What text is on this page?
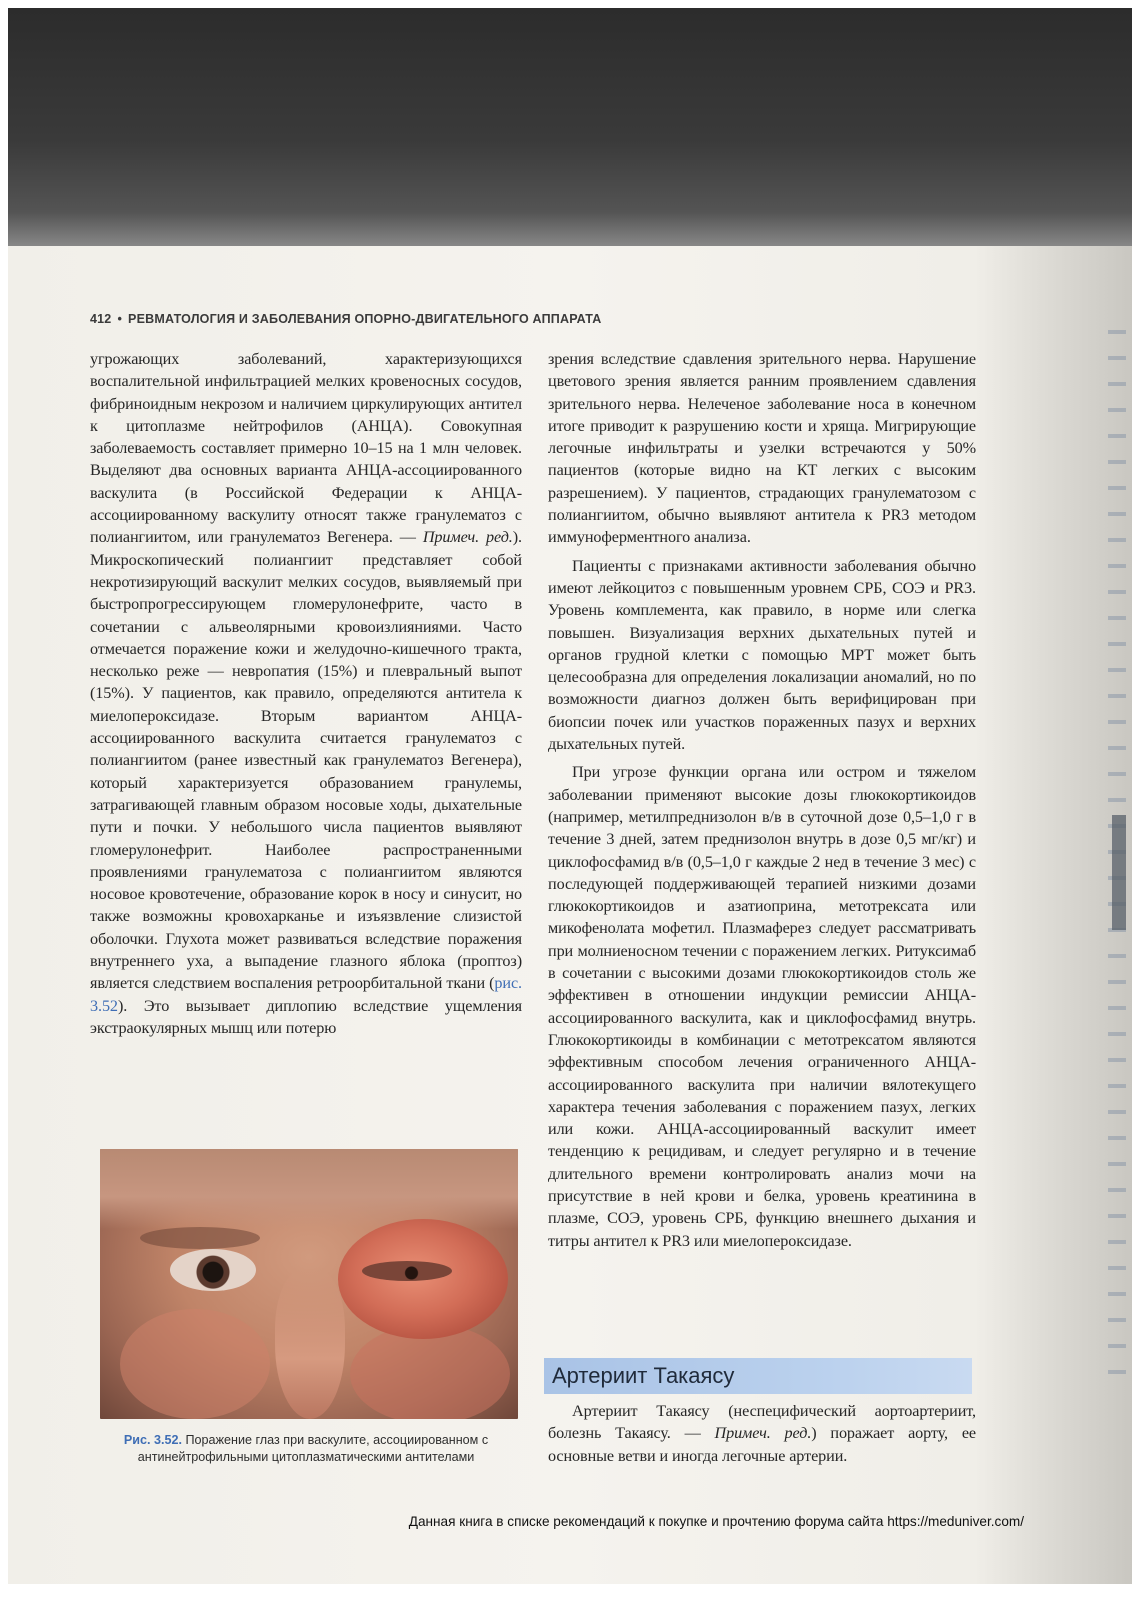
412 • РЕВМАТОЛОГИЯ И ЗАБОЛЕВАНИЯ ОПОРНО-ДВИГАТЕЛЬНОГО АППАРАТА

угрожающих заболеваний, характеризующихся воспалительной инфильтрацией мелких кровеносных сосудов, фибриноидным некрозом и наличием циркулирующих антител к цитоплазме нейтрофилов (АНЦА). Совокупная заболеваемость составляет примерно 10–15 на 1 млн человек. Выделяют два основных варианта АНЦА-ассоциированного васкулита (в Российской Федерации к АНЦА-ассоциированному васкулиту относят также гранулематоз с полиангиитом, или гранулематоз Вегенера. — Примеч. ред.). Микроскопический полиангиит представляет собой некротизирующий васкулит мелких сосудов, выявляемый при быстропрогрессирующем гломерулонефрите, часто в сочетании с альвеолярными кровоизлияниями. Часто отмечается поражение кожи и желудочно-кишечного тракта, несколько реже — невропатия (15%) и плевральный выпот (15%). У пациентов, как правило, определяются антитела к миелопероксидазе. Вторым вариантом АНЦА-ассоциированного васкулита считается гранулематоз с полиангиитом (ранее известный как гранулематоз Вегенера), который характеризуется образованием гранулемы, затрагивающей главным образом носовые ходы, дыхательные пути и почки. У небольшого числа пациентов выявляют гломерулонефрит. Наиболее распространенными проявлениями гранулематоза с полиангиитом являются носовое кровотечение, образование корок в носу и синусит, но также возможны кровохарканье и изъязвление слизистой оболочки. Глухота может развиваться вследствие поражения внутреннего уха, а выпадение глазного яблока (проптоз) является следствием воспаления ретроорбитальной ткани (рис. 3.52). Это вызывает диплопию вследствие ущемления экстраокулярных мышц или потерю

Рис. 3.52. Поражение глаз при васкулите, ассоциированном с антинейтрофильными цитоплазматическими антителами

зрения вследствие сдавления зрительного нерва. Нарушение цветового зрения является ранним проявлением сдавления зрительного нерва. Нелеченое заболевание носа в конечном итоге приводит к разрушению кости и хряща. Мигрирующие легочные инфильтраты и узелки встречаются у 50% пациентов (которые видно на КТ легких с высоким разрешением). У пациентов, страдающих гранулематозом с полиангиитом, обычно выявляют антитела к PR3 методом иммуноферментного анализа.

Пациенты с признаками активности заболевания обычно имеют лейкоцитоз с повышенным уровнем СРБ, СОЭ и PR3. Уровень комплемента, как правило, в норме или слегка повышен. Визуализация верхних дыхательных путей и органов грудной клетки с помощью МРТ может быть целесообразна для определения локализации аномалий, но по возможности диагноз должен быть верифицирован при биопсии почек или участков пораженных пазух и верхних дыхательных путей.

При угрозе функции органа или остром и тяжелом заболевании применяют высокие дозы глюкокортикоидов (например, метилпреднизолон в/в в суточной дозе 0,5–1,0 г в течение 3 дней, затем преднизолон внутрь в дозе 0,5 мг/кг) и циклофосфамид в/в (0,5–1,0 г каждые 2 нед в течение 3 мес) с последующей поддерживающей терапией низкими дозами глюкокортикоидов и азатиоприна, метотрексата или микофенолата мофетил. Плазмаферез следует рассматривать при молниеносном течении с поражением легких. Ритуксимаб в сочетании с высокими дозами глюкокортикоидов столь же эффективен в отношении индукции ремиссии АНЦА-ассоциированного васкулита, как и циклофосфамид внутрь. Глюкокортикоиды в комбинации с метотрексатом являются эффективным способом лечения ограниченного АНЦА-ассоциированного васкулита при наличии вялотекущего характера течения заболевания с поражением пазух, легких или кожи. АНЦА-ассоциированный васкулит имеет тенденцию к рецидивам, и следует регулярно и в течение длительного времени контролировать анализ мочи на присутствие в ней крови и белка, уровень креатинина в плазме, СОЭ, уровень СРБ, функцию внешнего дыхания и титры антител к PR3 или миелопероксидазе.

Артериит Такаясу

Артериит Такаясу (неспецифический аортоартериит, болезнь Такаясу. — Примеч. ред.) поражает аорту, ее основные ветви и иногда легочные артерии.

Данная книга в списке рекомендаций к покупке и прочтению форума сайта https://meduniver.com/
